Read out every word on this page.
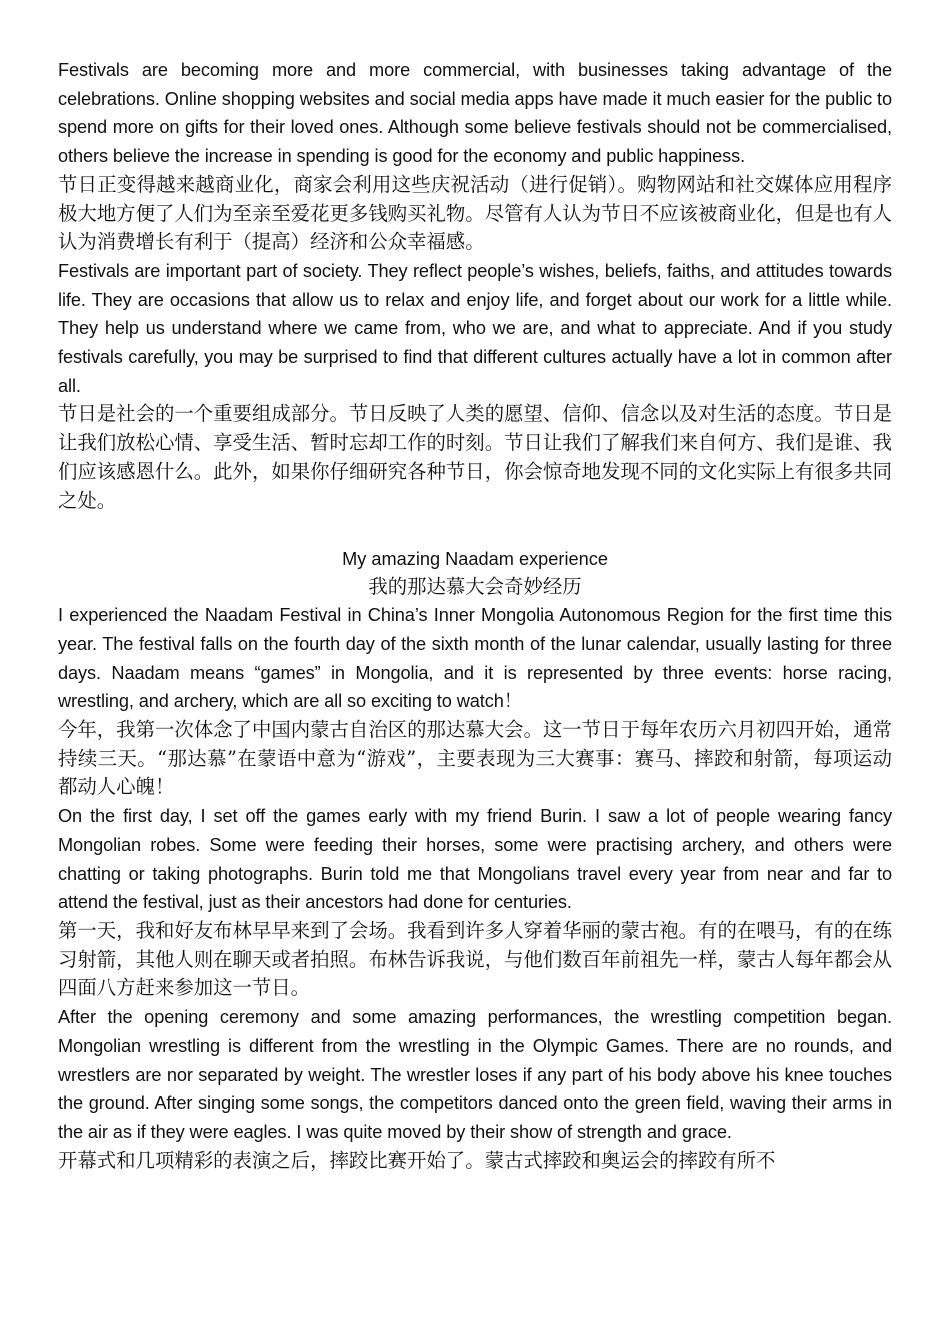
Festivals are becoming more and more commercial, with businesses taking advantage of the celebrations. Online shopping websites and social media apps have made it much easier for the public to spend more on gifts for their loved ones. Although some believe festivals should not be commercialised, others believe the increase in spending is good for the economy and public happiness.

节日正变得越来越商业化，商家会利用这些庆祝活动（进行促销）。购物网站和社交媒体应用程序极大地方便了人们为至亲至爱花更多钱购买礼物。尽管有人认为节日不应该被商业化，但是也有人认为消费增长有利于（提高）经济和公众幸福感。

Festivals are important part of society. They reflect people’s wishes, beliefs, faiths, and attitudes towards life. They are occasions that allow us to relax and enjoy life, and forget about our work for a little while. They help us understand where we came from, who we are, and what to appreciate. And if you study festivals carefully, you may be surprised to find that different cultures actually have a lot in common after all.

节日是社会的一个重要组成部分。节日反映了人类的愿望、信仰、信念以及对生活的态度。节日是让我们放松心情、享受生活、暂时忘却工作的时刻。节日让我们了解我们来自何方、我们是谁、我们应该感恩什么。此外，如果你仔细研究各种节日，你会惊奇地发现不同的文化实际上有很多共同之处。

My amazing Naadam experience

我的那达慕大会奇妙经历

I experienced the Naadam Festival in China’s Inner Mongolia Autonomous Region for the first time this year. The festival falls on the fourth day of the sixth month of the lunar calendar, usually lasting for three days. Naadam means “games” in Mongolia, and it is represented by three events: horse racing, wrestling, and archery, which are all so exciting to watch！

今年，我第一次体念了中国内蒙古自治区的那达慕大会。这一节日于每年农历六月初四开始，通常持续三天。“那达慕”在蒙语中意为“游戏”，主要表现为三大赛事：赛马、摔跤和射箭，每项运动都动人心魄！

On the first day, I set off the games early with my friend Burin. I saw a lot of people wearing fancy Mongolian robes. Some were feeding their horses, some were practising archery, and others were chatting or taking photographs. Burin told me that Mongolians travel every year from near and far to attend the festival, just as their ancestors had done for centuries.

第一天，我和好友布林早早来到了会场。我看到许多人穿着华丽的蒙古袍。有的在喂马，有的在练习射箭，其他人则在聊天或者拍照。布林告诉我说，与他们数百年前祖先一样，蒙古人每年都会从四面八方赶来参加这一节日。

After the opening ceremony and some amazing performances, the wrestling competition began. Mongolian wrestling is different from the wrestling in the Olympic Games. There are no rounds, and wrestlers are nor separated by weight. The wrestler loses if any part of his body above his knee touches the ground. After singing some songs, the competitors danced onto the green field, waving their arms in the air as if they were eagles. I was quite moved by their show of strength and grace.

开幕式和几项精彩的表演之后，摔跤比赛开始了。蒙古式摔跤和奥运会的摔跤有所不
